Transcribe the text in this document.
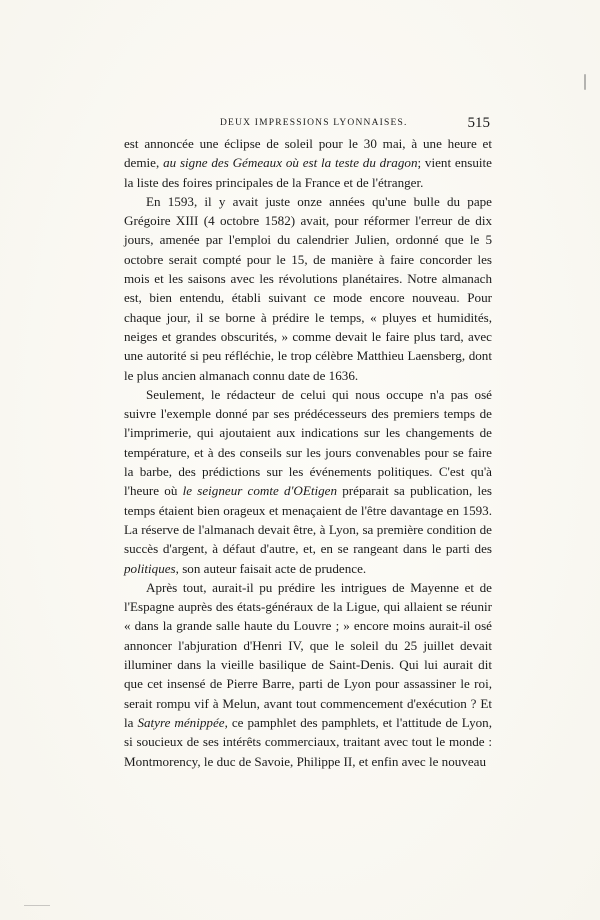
DEUX IMPRESSIONS LYONNAISES.	515

est annoncée une éclipse de soleil pour le 30 mai, à une heure et demie, au signe des Gémeaux où est la teste du dragon; vient ensuite la liste des foires principales de la France et de l'étranger.

En 1593, il y avait juste onze années qu'une bulle du pape Grégoire XIII (4 octobre 1582) avait, pour réformer l'erreur de dix jours, amenée par l'emploi du calendrier Julien, ordonné que le 5 octobre serait compté pour le 15, de manière à faire concorder les mois et les saisons avec les révolutions planétaires. Notre almanach est, bien entendu, établi suivant ce mode encore nouveau. Pour chaque jour, il se borne à prédire le temps, « pluyes et humidités, neiges et grandes obscurités, » comme devait le faire plus tard, avec une autorité si peu réfléchie, le trop célèbre Matthieu Laensberg, dont le plus ancien almanach connu date de 1636.

Seulement, le rédacteur de celui qui nous occupe n'a pas osé suivre l'exemple donné par ses prédécesseurs des premiers temps de l'imprimerie, qui ajoutaient aux indications sur les changements de température, et à des conseils sur les jours convenables pour se faire la barbe, des prédictions sur les événements politiques. C'est qu'à l'heure où le seigneur comte d'OEtigen préparait sa publication, les temps étaient bien orageux et menaçaient de l'être davantage en 1593. La réserve de l'almanach devait être, à Lyon, sa première condition de succès d'argent, à défaut d'autre, et, en se rangeant dans le parti des politiques, son auteur faisait acte de prudence.

Après tout, aurait-il pu prédire les intrigues de Mayenne et de l'Espagne auprès des états-généraux de la Ligue, qui allaient se réunir « dans la grande salle haute du Louvre ; » encore moins aurait-il osé annoncer l'abjuration d'Henri IV, que le soleil du 25 juillet devait illuminer dans la vieille basilique de Saint-Denis. Qui lui aurait dit que cet insensé de Pierre Barre, parti de Lyon pour assassiner le roi, serait rompu vif à Melun, avant tout commencement d'exécution ? Et la Satyre ménippée, ce pamphlet des pamphlets, et l'attitude de Lyon, si soucieux de ses intérêts commerciaux, traitant avec tout le monde : Montmorency, le duc de Savoie, Philippe II, et enfin avec le nouveau
